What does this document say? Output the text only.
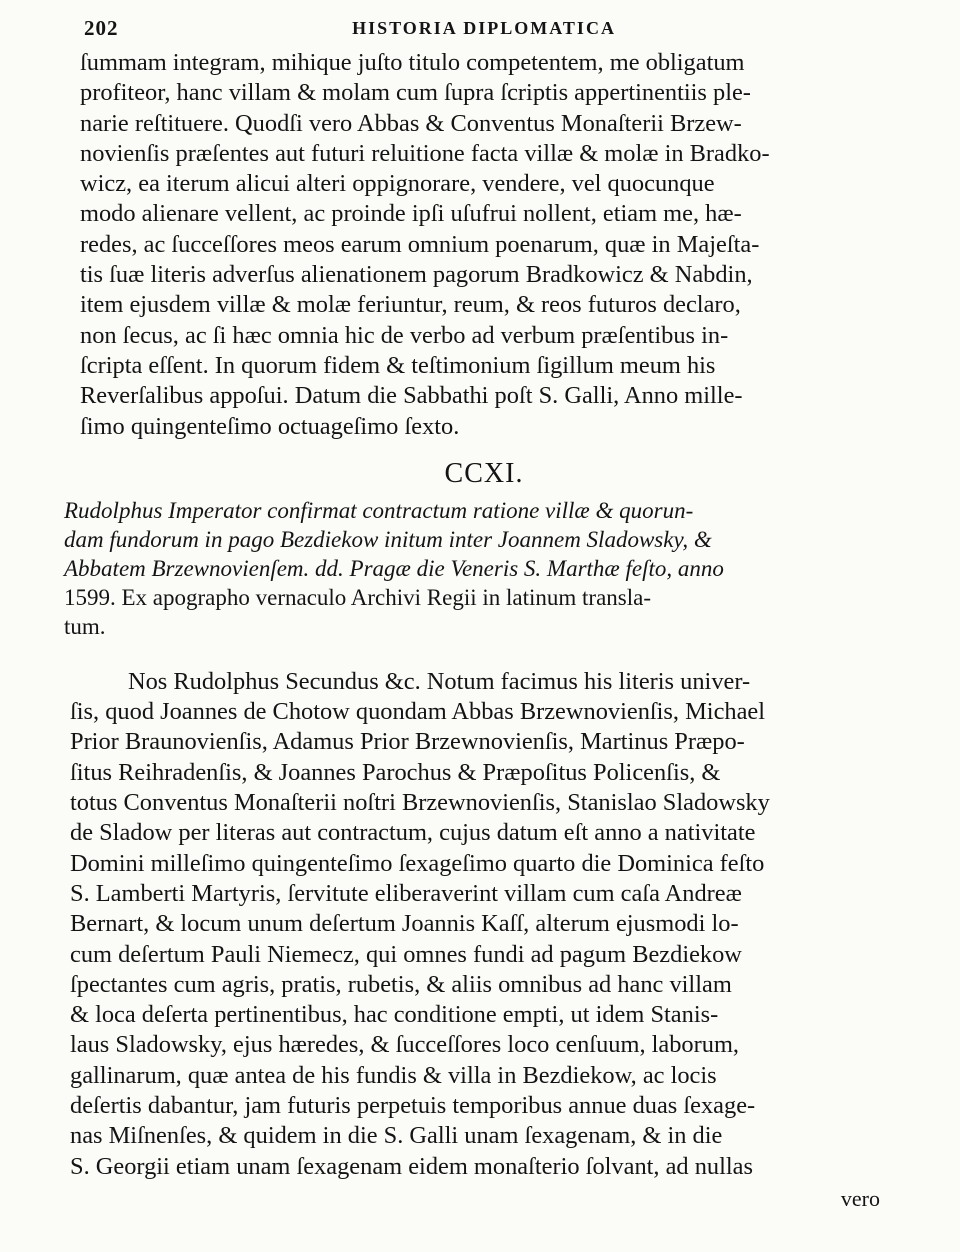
202	HISTORIA DIPLOMATICA
ſummam integram, mihique juſto titulo competentem, me obligatum
profiteor, hanc villam & molam cum ſupra ſcriptis appertinentiis ple-
narie reſtituere. Quodſi vero Abbas & Conventus Monaſterii Brzew-
novienſis præſentes aut futuri reluitione facta villæ & molæ in Bradko-
wicz, ea iterum alicui alteri oppignorare, vendere, vel quocunque
modo alienare vellent, ac proinde ipſi uſufrui nollent, etiam me, hæ-
redes, ac ſucceſſores meos earum omnium poenarum, quæ in Majeſta-
tis ſuæ literis adverſus alienationem pagorum Bradkowicz & Nabdin,
item ejusdem villæ & molæ feriuntur, reum, & reos futuros declaro,
non ſecus, ac ſi hæc omnia hic de verbo ad verbum præſentibus in-
ſcripta eſſent. In quorum fidem & teſtimonium ſigillum meum his
Reverſalibus appoſui. Datum die Sabbathi poſt S. Galli, Anno mille-
ſimo quingenteſimo octuageſimo ſexto.
CCXI.
Rudolphus Imperator confirmat contractum ratione villæ & quorun-
dam fundorum in pago Bezdiekow initum inter Joannem Sladowsky, &
Abbatem Brzewnovienſem. dd. Pragæ die Veneris S. Marthæ feſto, anno
1599. Ex apographo vernaculo Archivi Regii in latinum transla-
tum.
Nos Rudolphus Secundus &c. Notum facimus his literis univer-
ſis, quod Joannes de Chotow quondam Abbas Brzewnovienſis, Michael
Prior Braunovienſis, Adamus Prior Brzewnovienſis, Martinus Præpo-
ſitus Reihradenſis, & Joannes Parochus & Præpoſitus Policenſis, &
totus Conventus Monaſterii noſtri Brzewnovienſis, Stanislao Sladowsky
de Sladow per literas aut contractum, cujus datum eſt anno a nativitate
Domini milleſimo quingenteſimo ſexageſimo quarto die Dominica feſto
S. Lamberti Martyris, ſervitute eliberaverint villam cum caſa Andreæ
Bernart, & locum unum deſertum Joannis Kaſſ, alterum ejusmodi lo-
cum deſertum Pauli Niemecz, qui omnes fundi ad pagum Bezdiekow
ſpectantes cum agris, pratis, rubetis, & aliis omnibus ad hanc villam
& loca deſerta pertinentibus, hac conditione empti, ut idem Stanis-
laus Sladowsky, ejus hæredes, & ſucceſſores loco cenſuum, laborum,
gallinarum, quæ antea de his fundis & villa in Bezdiekow, ac locis
deſertis dabantur, jam futuris perpetuis temporibus annue duas ſexage-
nas Miſnenſes, & quidem in die S. Galli unam ſexagenam, & in die
S. Georgii etiam unam ſexagenam eidem monaſterio ſolvant, ad nullas
vero
